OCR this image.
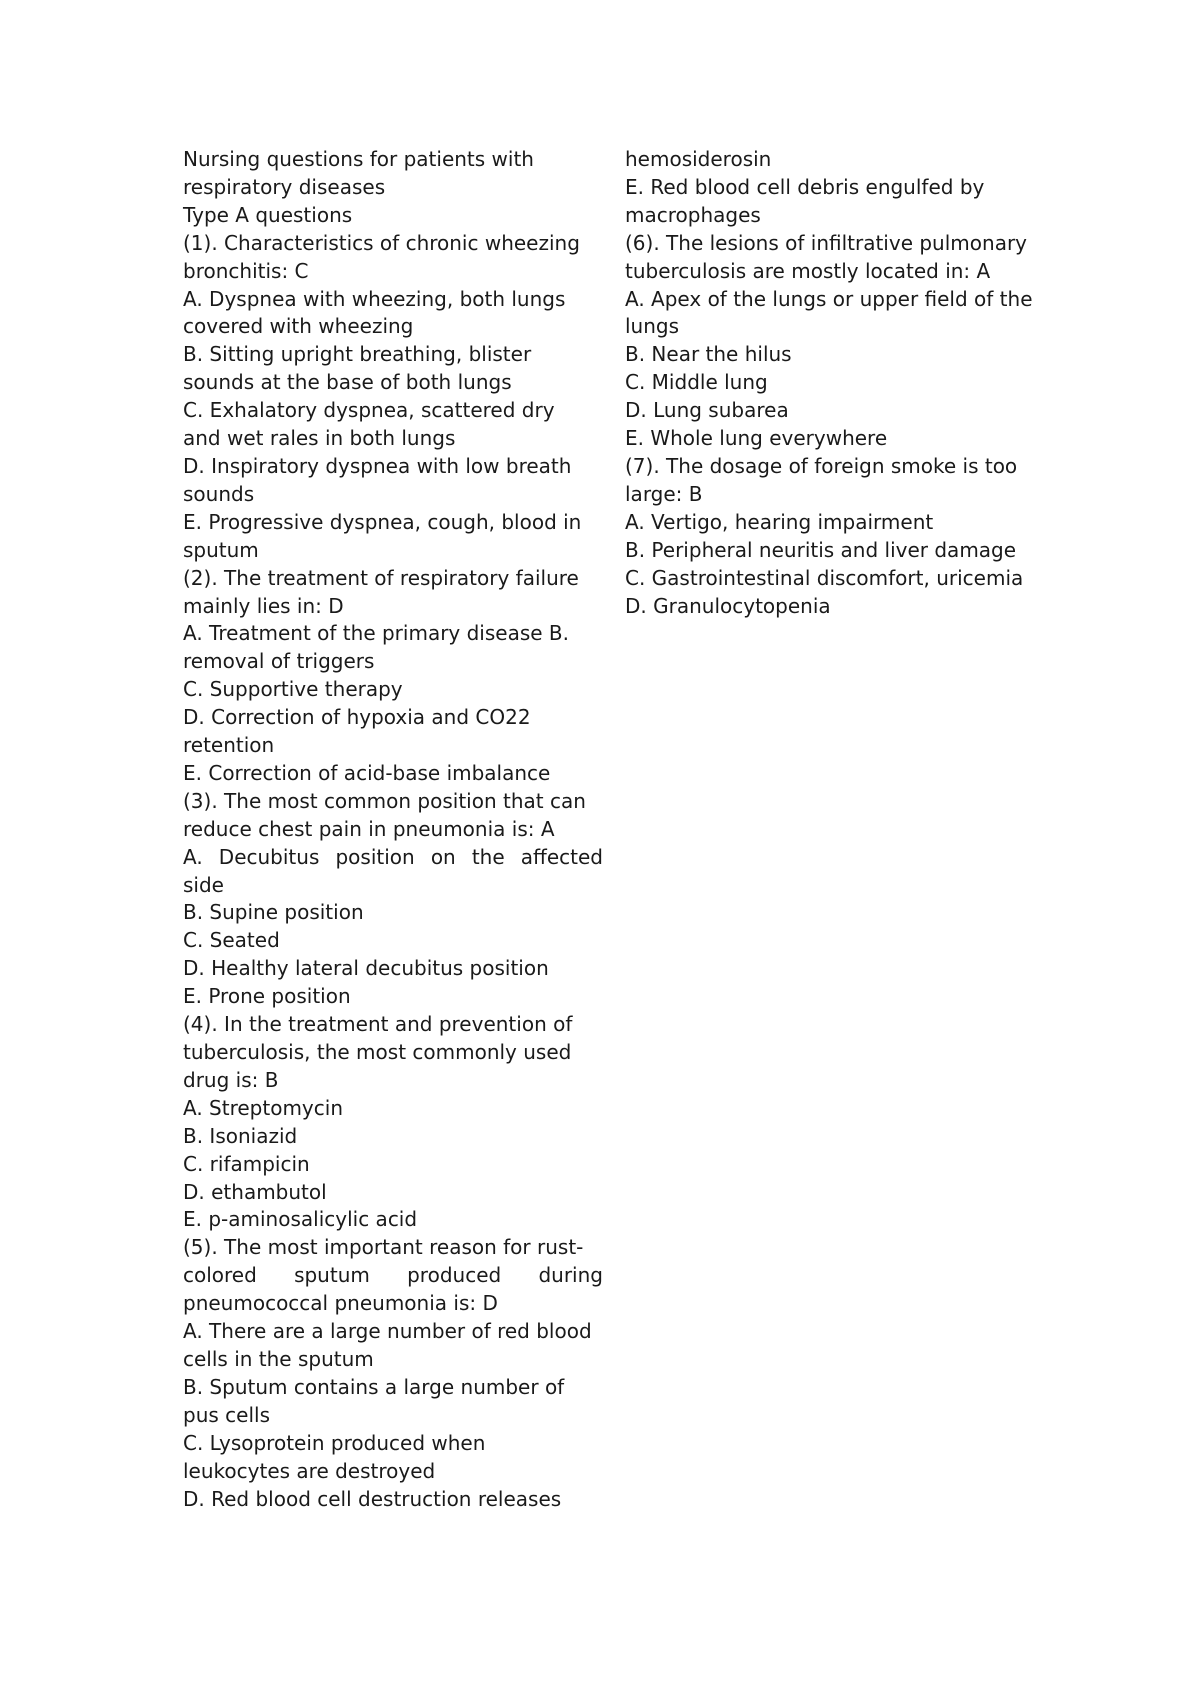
Nursing questions for patients with

respiratory diseases

Type A questions

(1). Characteristics of chronic wheezing

bronchitis: C

A. Dyspnea with wheezing, both lungs

covered with wheezing

B. Sitting upright breathing, blister

sounds at the base of both lungs

C. Exhalatory dyspnea, scattered dry

and wet rales in both lungs

D. Inspiratory dyspnea with low breath

sounds

E. Progressive dyspnea, cough, blood in

sputum

(2). The treatment of respiratory failure

mainly lies in: D

A. Treatment of the primary disease B.

removal of triggers

C. Supportive therapy

D. Correction of hypoxia and CO22

retention

E. Correction of acid-base imbalance

(3). The most common position that can

reduce chest pain in pneumonia is: A

A. Decubitus position on the affected

side

B. Supine position

C. Seated

D. Healthy lateral decubitus position

E. Prone position

(4). In the treatment and prevention of

tuberculosis, the most commonly used

drug is: B

A. Streptomycin

B. Isoniazid

C. rifampicin

D. ethambutol

E. p-aminosalicylic acid

(5). The most important reason for rust-

colored sputum produced during

pneumococcal pneumonia is: D

A. There are a large number of red blood

cells in the sputum

B. Sputum contains a large number of

pus cells

C. Lysoprotein produced when

leukocytes are destroyed

D. Red blood cell destruction releases

hemosiderosin

E. Red blood cell debris engulfed by

macrophages

(6). The lesions of infiltrative pulmonary

tuberculosis are mostly located in: A

A. Apex of the lungs or upper field of the

lungs

B. Near the hilus

C. Middle lung

D. Lung subarea

E. Whole lung everywhere

(7). The dosage of foreign smoke is too

large: B

A. Vertigo, hearing impairment

B. Peripheral neuritis and liver damage

C. Gastrointestinal discomfort, uricemia

D. Granulocytopenia
